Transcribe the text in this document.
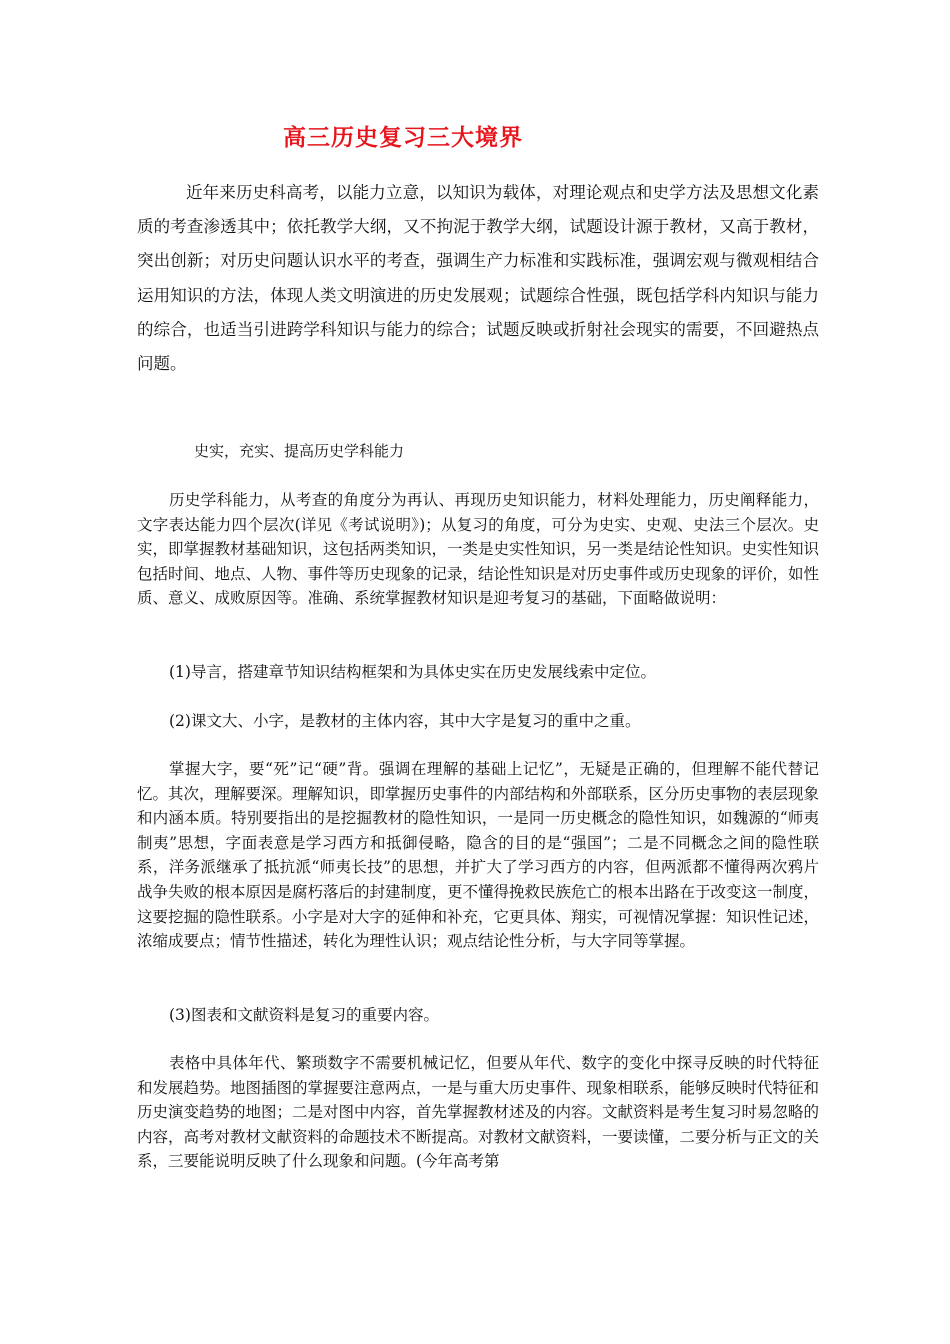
高三历史复习三大境界

近年来历史科高考，以能力立意，以知识为载体，对理论观点和史学方法及思想文化素质的考查渗透其中；依托教学大纲，又不拘泥于教学大纲，试题设计源于教材，又高于教材，突出创新；对历史问题认识水平的考查，强调生产力标准和实践标准，强调宏观与微观相结合运用知识的方法，体现人类文明演进的历史发展观；试题综合性强，既包括学科内知识与能力的综合，也适当引进跨学科知识与能力的综合；试题反映或折射社会现实的需要，不回避热点问题。

史实，充实、提高历史学科能力

历史学科能力，从考查的角度分为再认、再现历史知识能力，材料处理能力，历史阐释能力，文字表达能力四个层次(详见《考试说明》)；从复习的角度，可分为史实、史观、史法三个层次。史实，即掌握教材基础知识，这包括两类知识，一类是史实性知识，另一类是结论性知识。史实性知识包括时间、地点、人物、事件等历史现象的记录，结论性知识是对历史事件或历史现象的评价，如性质、意义、成败原因等。准确、系统掌握教材知识是迎考复习的基础，下面略做说明：

(1)导言，搭建章节知识结构框架和为具体史实在历史发展线索中定位。

(2)课文大、小字，是教材的主体内容，其中大字是复习的重中之重。

掌握大字，要“死”记“硬”背。强调在理解的基础上记忆”，无疑是正确的，但理解不能代替记忆。其次，理解要深。理解知识，即掌握历史事件的内部结构和外部联系，区分历史事物的表层现象和内涵本质。特别要指出的是挖掘教材的隐性知识，一是同一历史概念的隐性知识，如魏源的“师夷制夷”思想，字面表意是学习西方和抵御侵略，隐含的目的是“强国”；二是不同概念之间的隐性联系，洋务派继承了抵抗派“师夷长技”的思想，并扩大了学习西方的内容，但两派都不懂得两次鸦片战争失败的根本原因是腐朽落后的封建制度，更不懂得挽救民族危亡的根本出路在于改变这一制度，这要挖掘的隐性联系。小字是对大字的延伸和补充，它更具体、翔实，可视情况掌握：知识性记述，浓缩成要点；情节性描述，转化为理性认识；观点结论性分析，与大字同等掌握。

(3)图表和文献资料是复习的重要内容。

表格中具体年代、繁琐数字不需要机械记忆，但要从年代、数字的变化中探寻反映的时代特征和发展趋势。地图插图的掌握要注意两点，一是与重大历史事件、现象相联系，能够反映时代特征和历史演变趋势的地图；二是对图中内容，首先掌握教材述及的内容。文献资料是考生复习时易忽略的内容，高考对教材文献资料的命题技术不断提高。对教材文献资料，一要读懂，二要分析与正文的关系，三要能说明反映了什么现象和问题。(今年高考第
